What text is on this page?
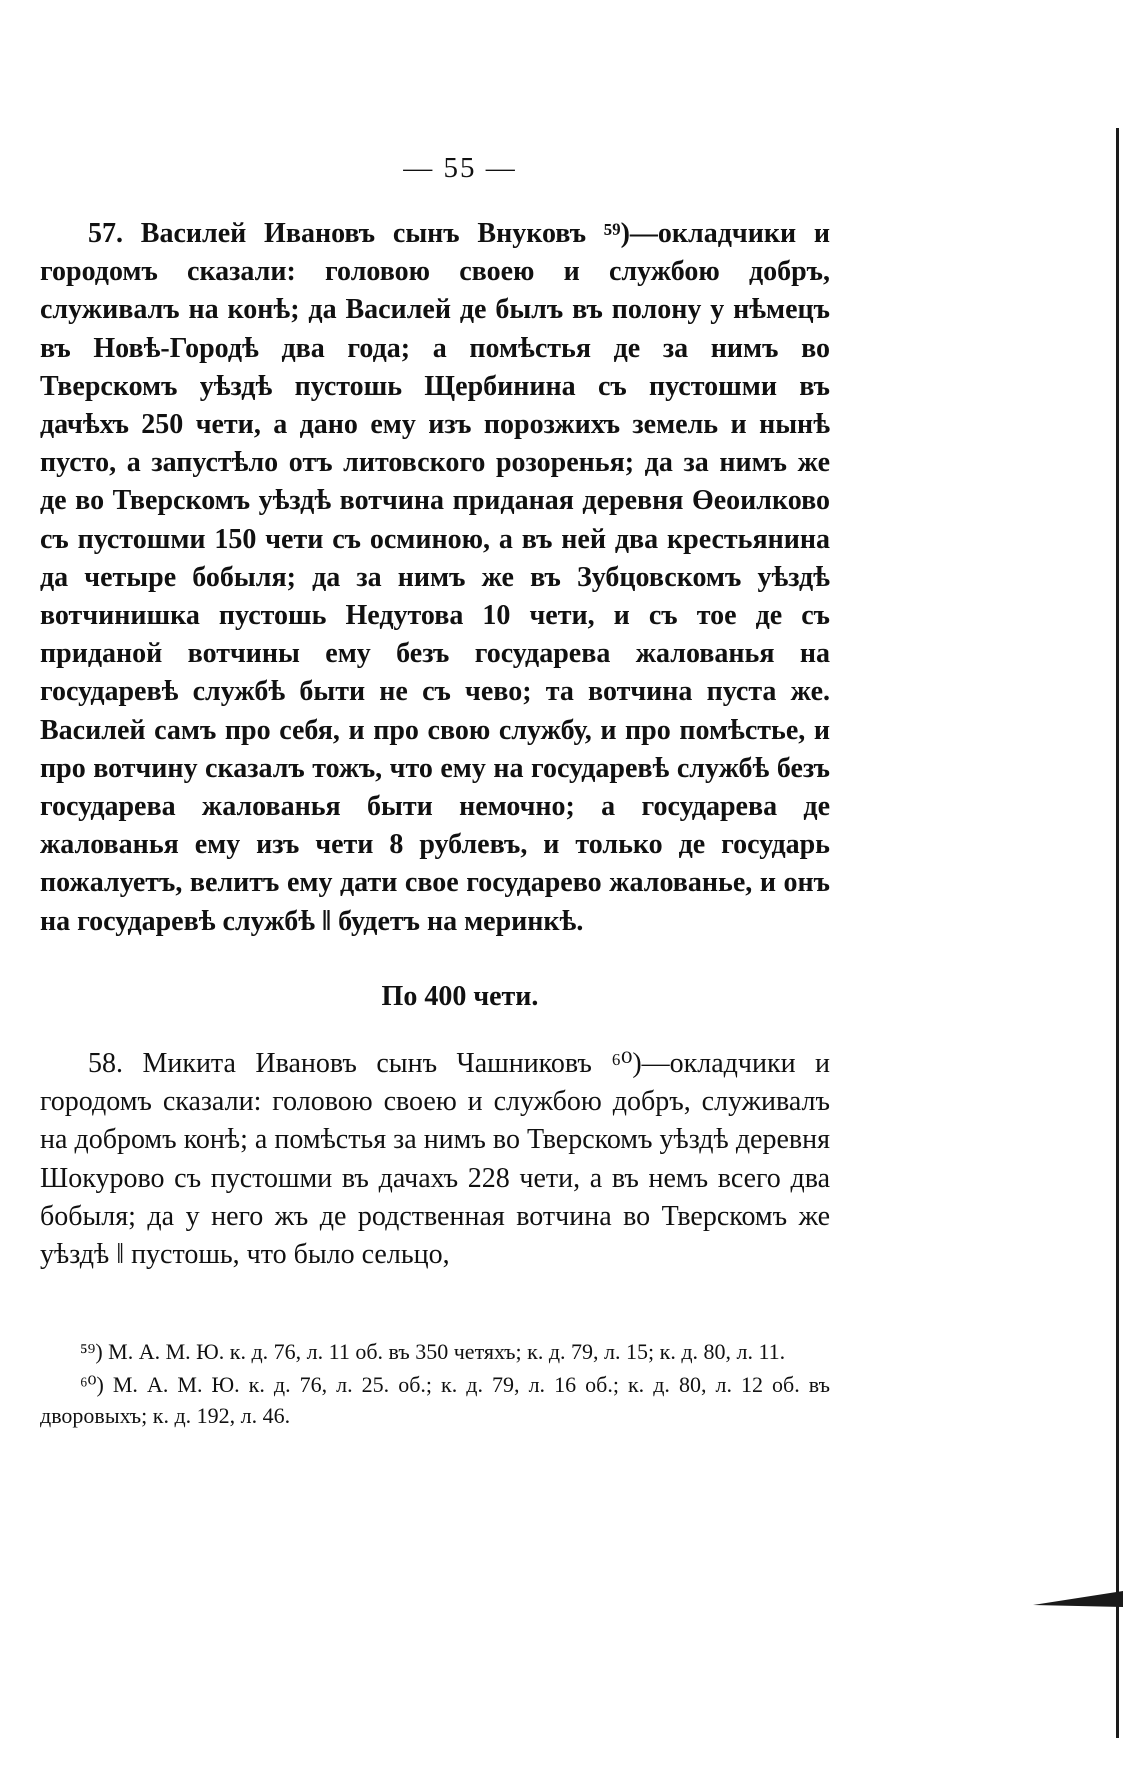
— 55 —

57. Василей Ивановъ сынъ Внуковъ ⁵⁹)—окладчики и городомъ сказали: головою своею и службою добръ, служивалъ на конѣ; да Василей де былъ въ полону у нѣмецъ въ Новѣ-Городѣ два года; а помѣстья де за нимъ во Тверскомъ уѣздѣ пустошь Щербинина съ пустошми въ дачѣхъ 250 чети, а дано ему изъ порозжихъ земель и нынѣ пусто, а запустѣло отъ литовского розоренья; да за нимъ же де во Тверскомъ уѣздѣ вотчина приданая деревня Өеоилково съ пустошми 150 чети съ осминою, а въ ней два крестьянина да четыре бобыля; да за нимъ же въ Зубцовскомъ уѣздѣ вотчинишка пустошь Недутова 10 чети, и съ тое де съ приданой вотчины ему безъ государева жалованья на государевѣ службѣ быти не съ чево; та вотчина пуста же. Василей самъ про себя, и про свою службу, и про помѣстье, и про вотчину сказалъ тожъ, что ему на государевѣ службѣ безъ государева жалованья быти немочно; а государева де жалованья ему изъ чети 8 рублевъ, и только де государь пожалуетъ, велитъ ему дати свое государево жалованье, и онъ на государевѣ службѣ ‖ будетъ на меринкѣ.

По 400 чети.

58. Микита Ивановъ сынъ Чашниковъ ⁶⁰)—окладчики и городомъ сказали: головою своею и службою добръ, служивалъ на добромъ конѣ; а помѣстья за нимъ во Тверскомъ уѣздѣ деревня Шокурово съ пустошми въ дачахъ 228 чети, а въ немъ всего два бобыля; да у него жъ де родственная вотчина во Тверскомъ же уѣздѣ ‖ пустошь, что было сельцо,

⁵⁹) М. А. М. Ю. к. д. 76, л. 11 об. въ 350 четяхъ; к. д. 79, л. 15; к. д. 80, л. 11.

⁶⁰) М. А. М. Ю. к. д. 76, л. 25. об.; к. д. 79, л. 16 об.; к. д. 80, л. 12 об. въ дворовыхъ; к. д. 192, л. 46.
